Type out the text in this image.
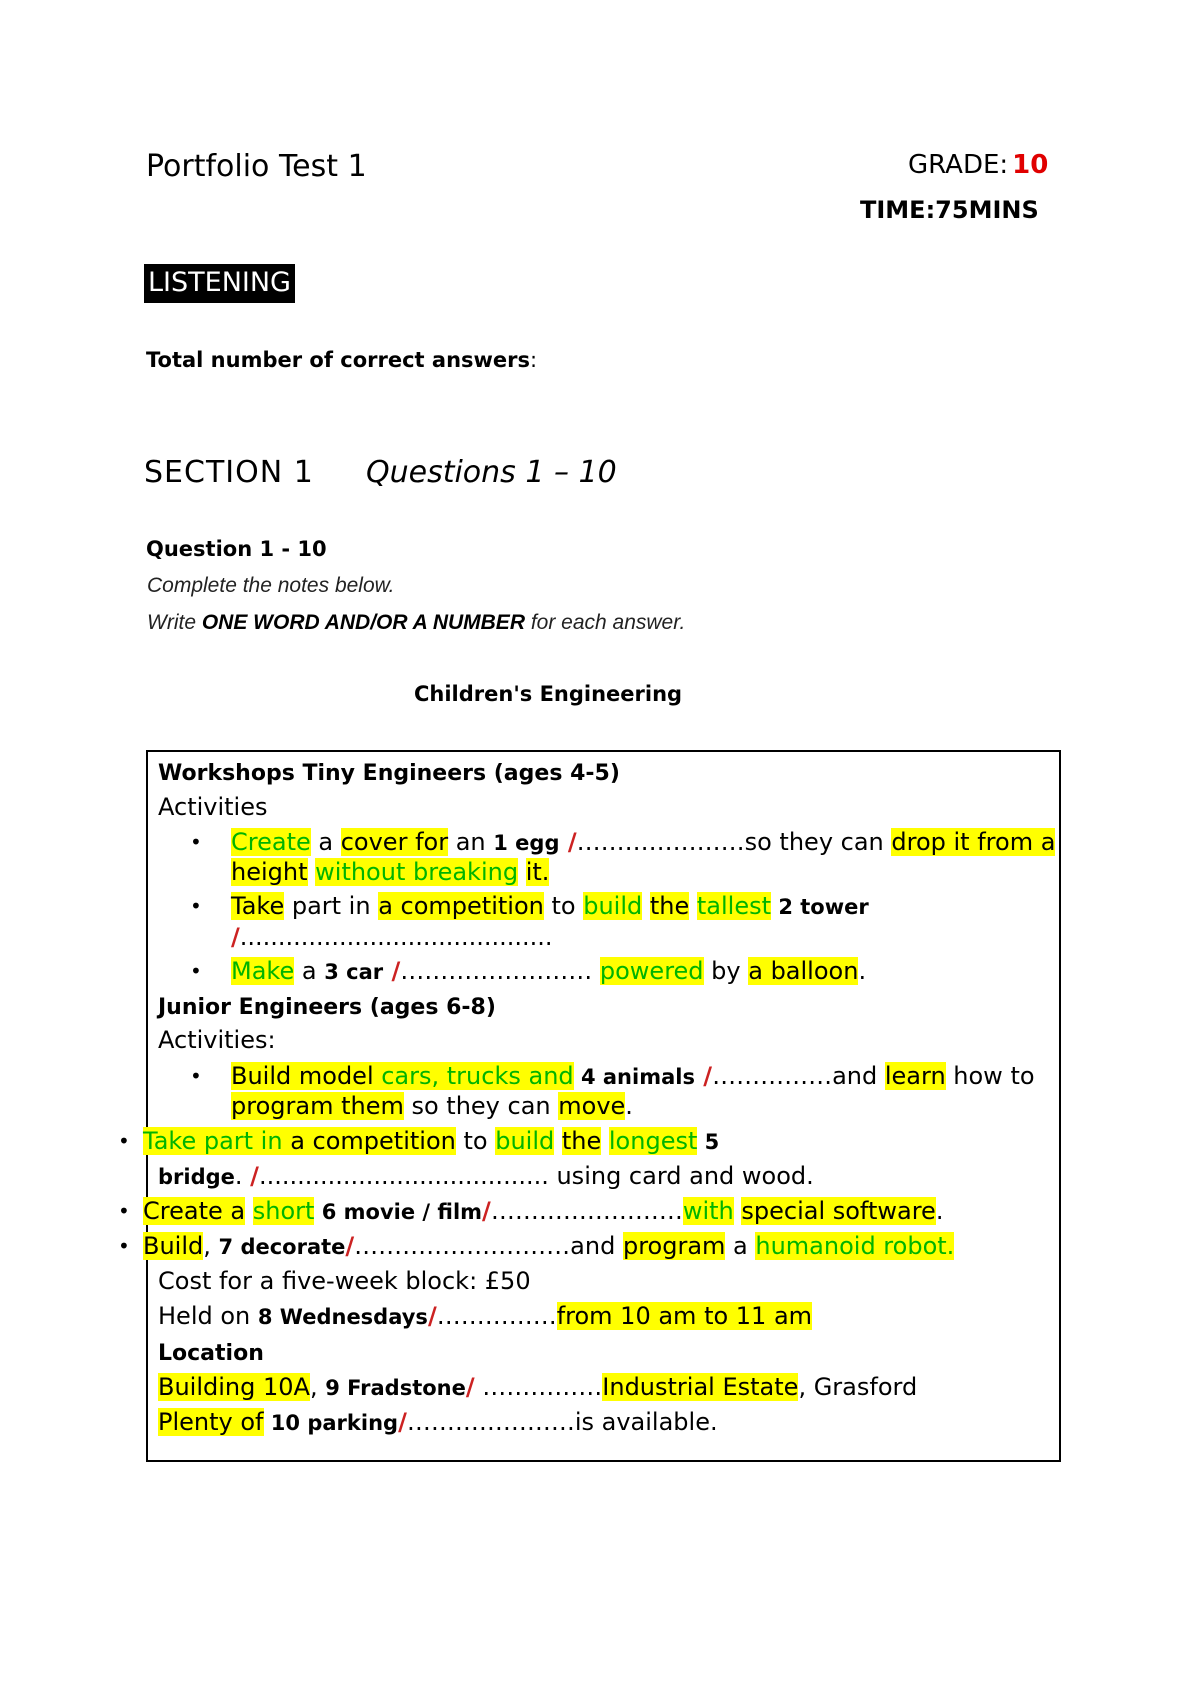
Portfolio Test 1	GRADE: 10
TIME:75MINS
LISTENING
Total number of correct answers:
SECTION 1 Questions 1 – 10
Question 1 - 10
Complete the notes below.
Write ONE WORD AND/OR A NUMBER for each answer.
Children's Engineering
Workshops Tiny Engineers (ages 4-5)
Activities
• Create a cover for an 1 egg /…………………so they can drop it from a
height without breaking it.
• Take part in a competition to build the tallest 2 tower
/.........................................
• Make a 3 car /…………………… powered by a balloon.
Junior Engineers (ages 6-8)
Activities:
• Build model cars, trucks and 4 animals /……………and learn how to
program them so they can move.
• Take part in a competition to build the longest 5
bridge. /...................................... using card and wood.
• Create a short 6 movie / film/……………………with special software.
• Build, 7 decorate/………………………and program a humanoid robot.
Cost for a five-week block: £50
Held on 8 Wednesdays/……………from 10 am to 11 am
Location
Building 10A, 9 Fradstone/ ……………Industrial Estate, Grasford
Plenty of 10 parking/…………………is available.
